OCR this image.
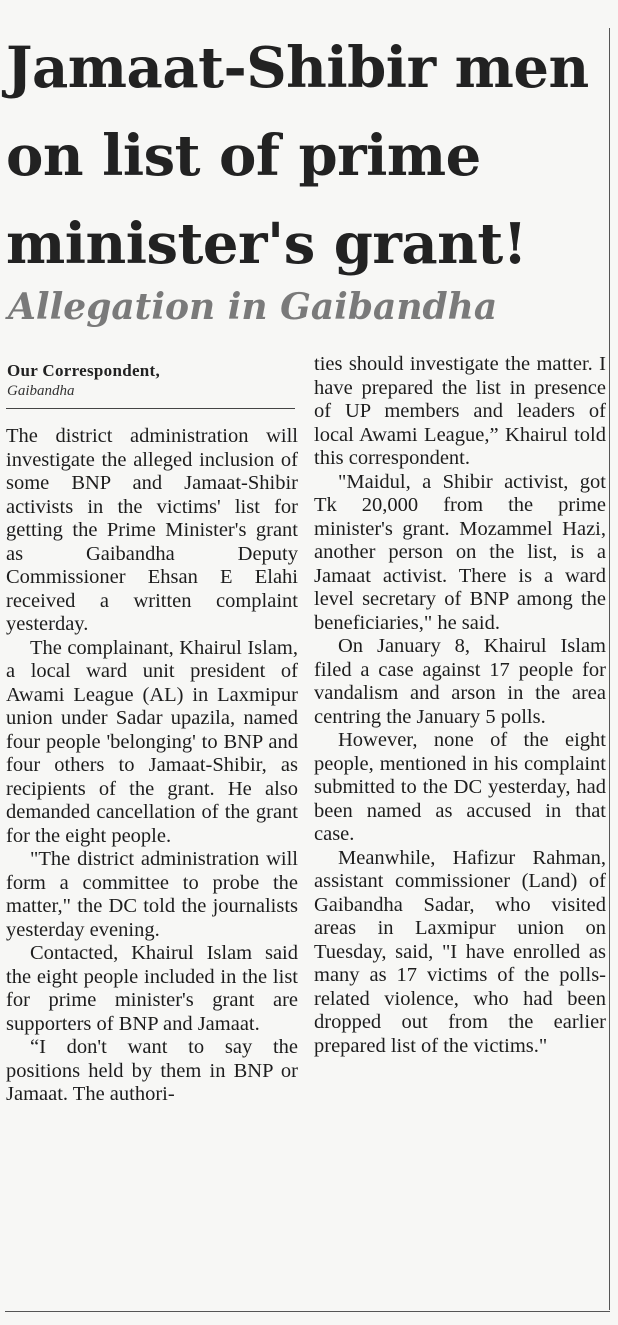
Jamaat-Shibir men on list of prime minister's grant!
Allegation in Gaibandha
Our Correspondent,
Gaibandha

The district administration will investigate the alleged inclusion of some BNP and Jamaat-Shibir activists in the victims' list for getting the Prime Minister's grant as Gaibandha Deputy Commissioner Ehsan E Elahi received a written complaint yesterday.

The complainant, Khairul Islam, a local ward unit president of Awami League (AL) in Laxmipur union under Sadar upazila, named four people 'belonging' to BNP and four others to Jamaat-Shibir, as recipients of the grant. He also demanded cancellation of the grant for the eight people.

"The district administration will form a committee to probe the matter," the DC told the journalists yesterday evening.

Contacted, Khairul Islam said the eight people included in the list for prime minister's grant are supporters of BNP and Jamaat.

“I don't want to say the positions held by them in BNP or Jamaat. The authori-

ties should investigate the matter. I have prepared the list in presence of UP members and leaders of local Awami League,” Khairul told this correspondent.

"Maidul, a Shibir activist, got Tk 20,000 from the prime minister's grant. Mozammel Hazi, another person on the list, is a Jamaat activist. There is a ward level secretary of BNP among the beneficiaries," he said.

On January 8, Khairul Islam filed a case against 17 people for vandalism and arson in the area centring the January 5 polls.

However, none of the eight people, mentioned in his complaint submitted to the DC yesterday, had been named as accused in that case.

Meanwhile, Hafizur Rahman, assistant commissioner (Land) of Gaibandha Sadar, who visited areas in Laxmipur union on Tuesday, said, "I have enrolled as many as 17 victims of the polls-related violence, who had been dropped out from the earlier prepared list of the victims."
